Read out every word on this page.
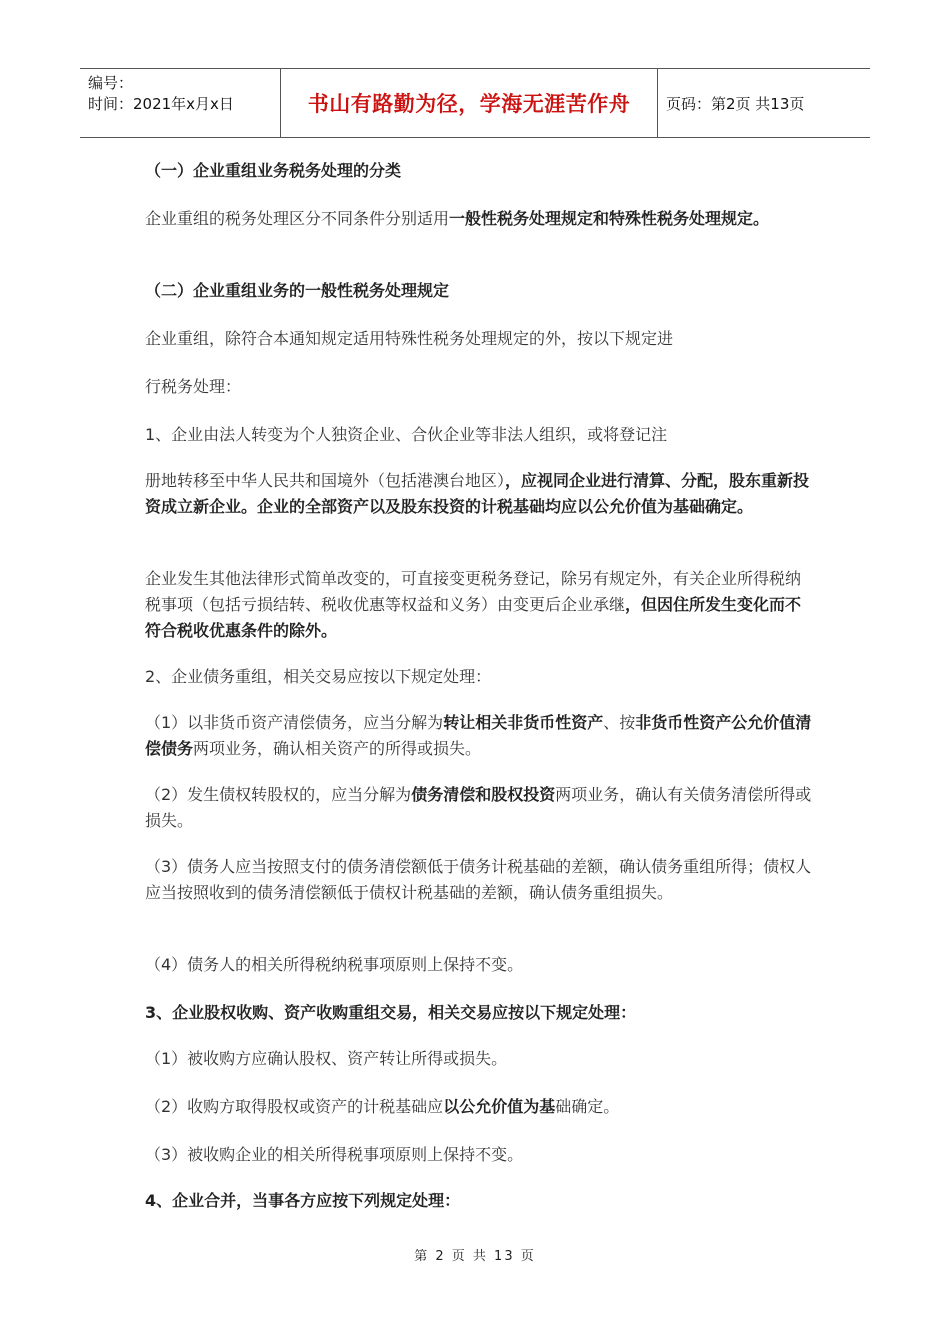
编号：
时间：2021年x月x日	书山有路勤为径，学海无涯苦作舟 页码：第2页 共13页

（一）企业重组业务税务处理的分类

企业重组的税务处理区分不同条件分别适用一般性税务处理规定和特殊性税务处理规定。

（二）企业重组业务的一般性税务处理规定

企业重组，除符合本通知规定适用特殊性税务处理规定的外，按以下规定进

行税务处理：

1、企业由法人转变为个人独资企业、合伙企业等非法人组织，或将登记注

册地转移至中华人民共和国境外（包括港澳台地区），应视同企业进行清算、分配，股东重新投资成立新企业。企业的全部资产以及股东投资的计税基础均应以公允价值为基础确定。

企业发生其他法律形式简单改变的，可直接变更税务登记，除另有规定外，有关企业所得税纳税事项（包括亏损结转、税收优惠等权益和义务）由变更后企业承继，但因住所发生变化而不符合税收优惠条件的除外。

2、企业债务重组，相关交易应按以下规定处理：

（1）以非货币资产清偿债务，应当分解为转让相关非货币性资产、按非货币性资产公允价值清偿债务两项业务，确认相关资产的所得或损失。

（2）发生债权转股权的，应当分解为债务清偿和股权投资两项业务，确认有关债务清偿所得或损失。

（3）债务人应当按照支付的债务清偿额低于债务计税基础的差额，确认债务重组所得；债权人应当按照收到的债务清偿额低于债权计税基础的差额，确认债务重组损失。

（4）债务人的相关所得税纳税事项原则上保持不变。

3、企业股权收购、资产收购重组交易，相关交易应按以下规定处理：

（1）被收购方应确认股权、资产转让所得或损失。

（2）收购方取得股权或资产的计税基础应以公允价值为基础确定。

（3）被收购企业的相关所得税事项原则上保持不变。

4、企业合并，当事各方应按下列规定处理：

第 2 页 共 13 页
